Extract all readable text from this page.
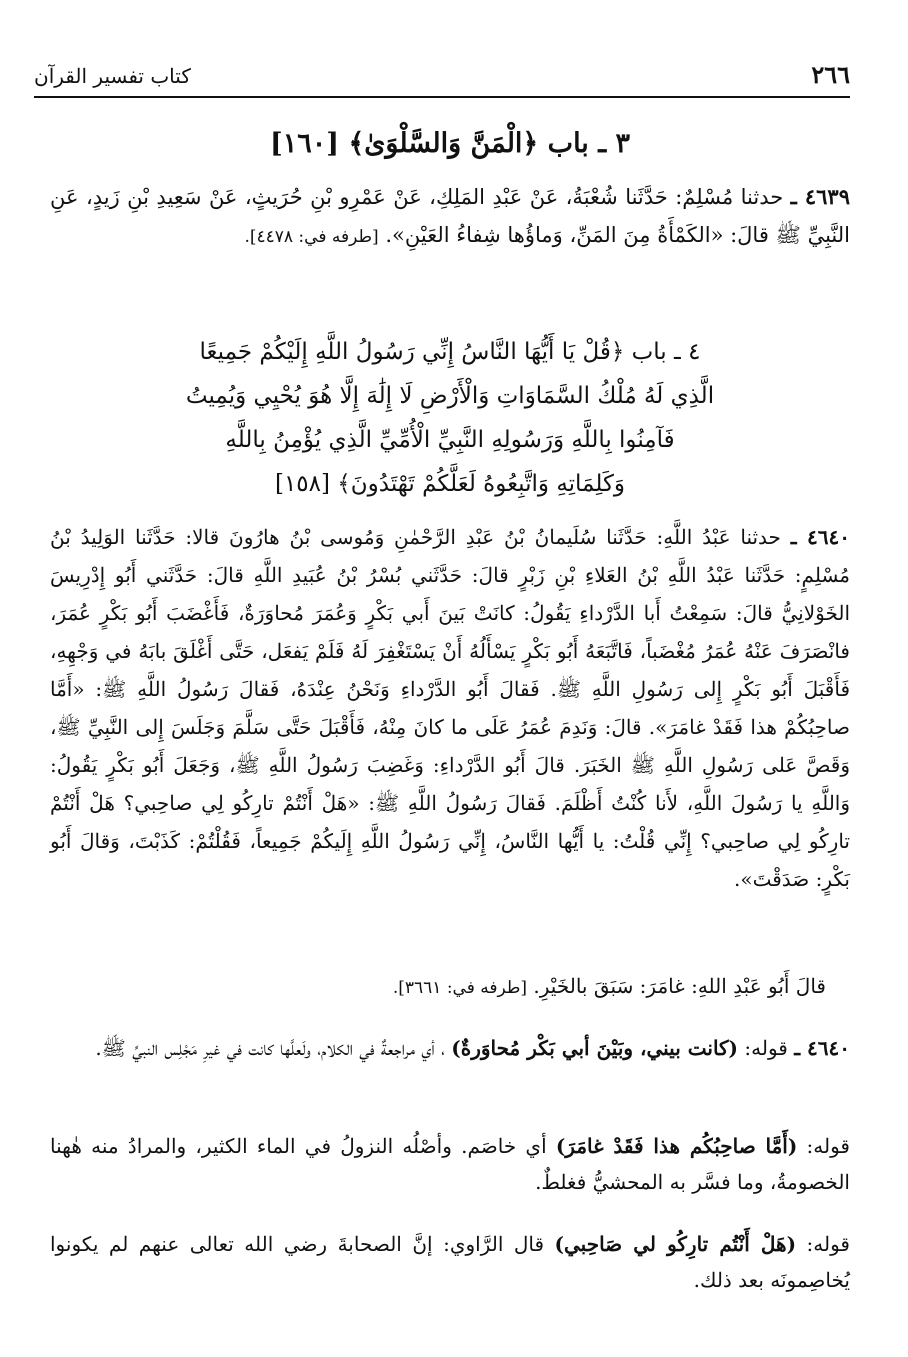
٢٦٦
كتاب تفسير القرآن
٣ ـ باب ﴿الْمَنَّ وَالسَّلْوَىٰ﴾ [١٦٠]
٤٦٣٩ ـ حدثنا مُسْلِمٌ: حَدَّثَنا شُعْبَةُ، عَنْ عَبْدِ المَلِكِ، عَنْ عَمْرِو بْنِ حُرَيثٍ، عَنْ سَعِيدِ بْنِ زَيدٍ، عَنِ النَّبِيِّ ﷺ قالَ: «الكَمْأَةُ مِنَ المَنِّ، وَماؤُها شِفاءُ العَيْنِ». [طرفه في: ٤٤٧٨].
٤ ـ باب ﴿قُلْ يَا أَيُّهَا النَّاسُ إِنِّي رَسُولُ اللَّهِ إِلَيْكُمْ جَمِيعًا
الَّذِي لَهُ مُلْكُ السَّمَاوَاتِ وَالْأَرْضِ لَا إِلَٰهَ إِلَّا هُوَ يُحْيِي وَيُمِيتُ
فَآمِنُوا بِاللَّهِ وَرَسُولِهِ النَّبِيِّ الْأُمِّيِّ الَّذِي يُؤْمِنُ بِاللَّهِ
وَكَلِمَاتِهِ وَاتَّبِعُوهُ لَعَلَّكُمْ تَهْتَدُونَ﴾ [١٥٨]
٤٦٤٠ ـ حدثنا عَبْدُ اللَّهِ: حَدَّثَنا سُلَيمانُ بْنُ عَبْدِ الرَّحْمٰنِ وَمُوسى بْنُ هارُونَ قالا: حَدَّثَنا الوَلِيدُ بْنُ مُسْلِمٍ: حَدَّثَنا عَبْدُ اللَّهِ بْنُ العَلاءِ بْنِ زَبْرٍ قالَ: حَدَّثَني بُسْرُ بْنُ عُبَيدِ اللَّهِ قالَ: حَدَّثَني أَبُو إِدْرِيسَ الخَوْلانِيُّ قالَ: سَمِعْتُ أَبا الدَّرْداءِ يَقُولُ: كانَتْ بَينَ أَبي بَكْرٍ وَعُمَرَ مُحاوَرَةٌ، فَأَغْضَبَ أَبُو بَكْرٍ عُمَرَ، فانْصَرَفَ عَنْهُ عُمَرُ مُغْضَباً، فَاتَّبَعَهُ أَبُو بَكْرٍ يَسْأَلُهُ أَنْ يَسْتَغْفِرَ لَهُ فَلَمْ يَفعَل، حَتَّى أَغْلَقَ بابَهُ في وَجْهِهِ، فَأَقْبَلَ أَبُو بَكْرٍ إِلى رَسُولِ اللَّهِ ﷺ. فَقالَ أَبُو الدَّرْداءِ وَنَحْنُ عِنْدَهُ، فَقالَ رَسُولُ اللَّهِ ﷺ: «أَمَّا صاحِبُكُمْ هذا فَقَدْ غامَرَ». قالَ: وَنَدِمَ عُمَرُ عَلَى ما كانَ مِنْهُ، فَأَقْبَلَ حَتَّى سَلَّمَ وَجَلَسَ إِلى النَّبِيِّ ﷺ، وَقَصَّ عَلى رَسُولِ اللَّهِ ﷺ الخَبَرَ. قالَ أَبُو الدَّرْداءِ: وَغَضِبَ رَسُولُ اللَّهِ ﷺ، وَجَعَلَ أَبُو بَكْرٍ يَقُولُ: وَاللَّهِ يا رَسُولَ اللَّهِ، لأَنا كُنْتُ أَظْلَمَ. فَقالَ رَسُولُ اللَّهِ ﷺ: «هَلْ أَنْتُمْ تارِكُو لِي صاحِبي؟ هَلْ أَنْتُمْ تارِكُو لِي صاحِبي؟ إِنِّي قُلْتُ: يا أَيُّها النَّاسُ، إِنِّي رَسُولُ اللَّهِ إِلَيكُمْ جَمِيعاً، فَقُلْتُمْ: كَذَبْتَ، وَقالَ أَبُو بَكْرٍ: صَدَقْتَ».
قالَ أَبُو عَبْدِ اللهِ: غامَرَ: سَبَقَ بالخَيْرِ. [طرفه في: ٣٦٦١].
٤٦٤٠ ـ قوله: (كانت بيني، وبَيْنَ أبي بَكْر مُحاوَرةٌ) ، أي مراجعةٌ في الكلام، ولَعلَّها كانت في غيرِ مَجْلِس النبيِّ ﷺ.
قوله: (أَمَّا صاحِبُكُم هذا فَقَدْ غامَرَ) أي خاصَم. وأصْلُه النزولُ في الماء الكثير، والمرادُ منه هٰهنا الخصومةُ، وما فسَّر به المحشيُّ فغلطٌ.
قوله: (هَلْ أَنْتُم تارِكُو لي صَاحِبي) قال الرَّاوي: إنَّ الصحابةَ رضي الله تعالى عنهم لم يكونوا يُخاصِمونَه بعد ذلك.
